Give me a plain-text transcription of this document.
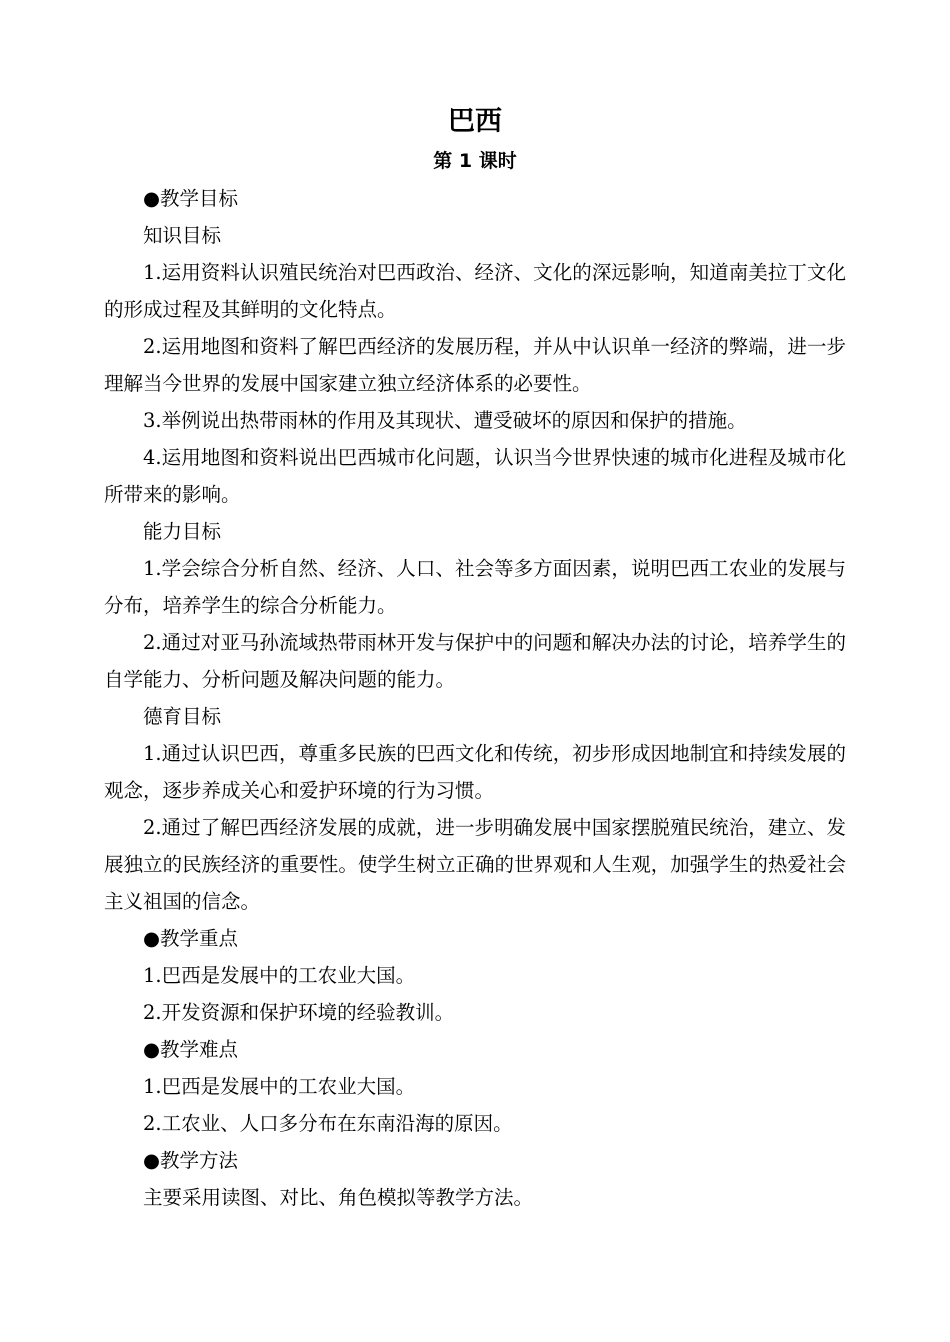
巴西
第 1 课时

●教学目标

知识目标

1.运用资料认识殖民统治对巴西政治、经济、文化的深远影响，知道南美拉丁文化的形成过程及其鲜明的文化特点。

2.运用地图和资料了解巴西经济的发展历程，并从中认识单一经济的弊端，进一步理解当今世界的发展中国家建立独立经济体系的必要性。

3.举例说出热带雨林的作用及其现状、遭受破坏的原因和保护的措施。

4.运用地图和资料说出巴西城市化问题，认识当今世界快速的城市化进程及城市化所带来的影响。

能力目标

1.学会综合分析自然、经济、人口、社会等多方面因素，说明巴西工农业的发展与分布，培养学生的综合分析能力。

2.通过对亚马孙流域热带雨林开发与保护中的问题和解决办法的讨论，培养学生的自学能力、分析问题及解决问题的能力。

德育目标

1.通过认识巴西，尊重多民族的巴西文化和传统，初步形成因地制宜和持续发展的观念，逐步养成关心和爱护环境的行为习惯。

2.通过了解巴西经济发展的成就，进一步明确发展中国家摆脱殖民统治，建立、发展独立的民族经济的重要性。使学生树立正确的世界观和人生观，加强学生的热爱社会主义祖国的信念。

●教学重点

1.巴西是发展中的工农业大国。

2.开发资源和保护环境的经验教训。

●教学难点

1.巴西是发展中的工农业大国。

2.工农业、人口多分布在东南沿海的原因。

●教学方法

主要采用读图、对比、角色模拟等教学方法。
